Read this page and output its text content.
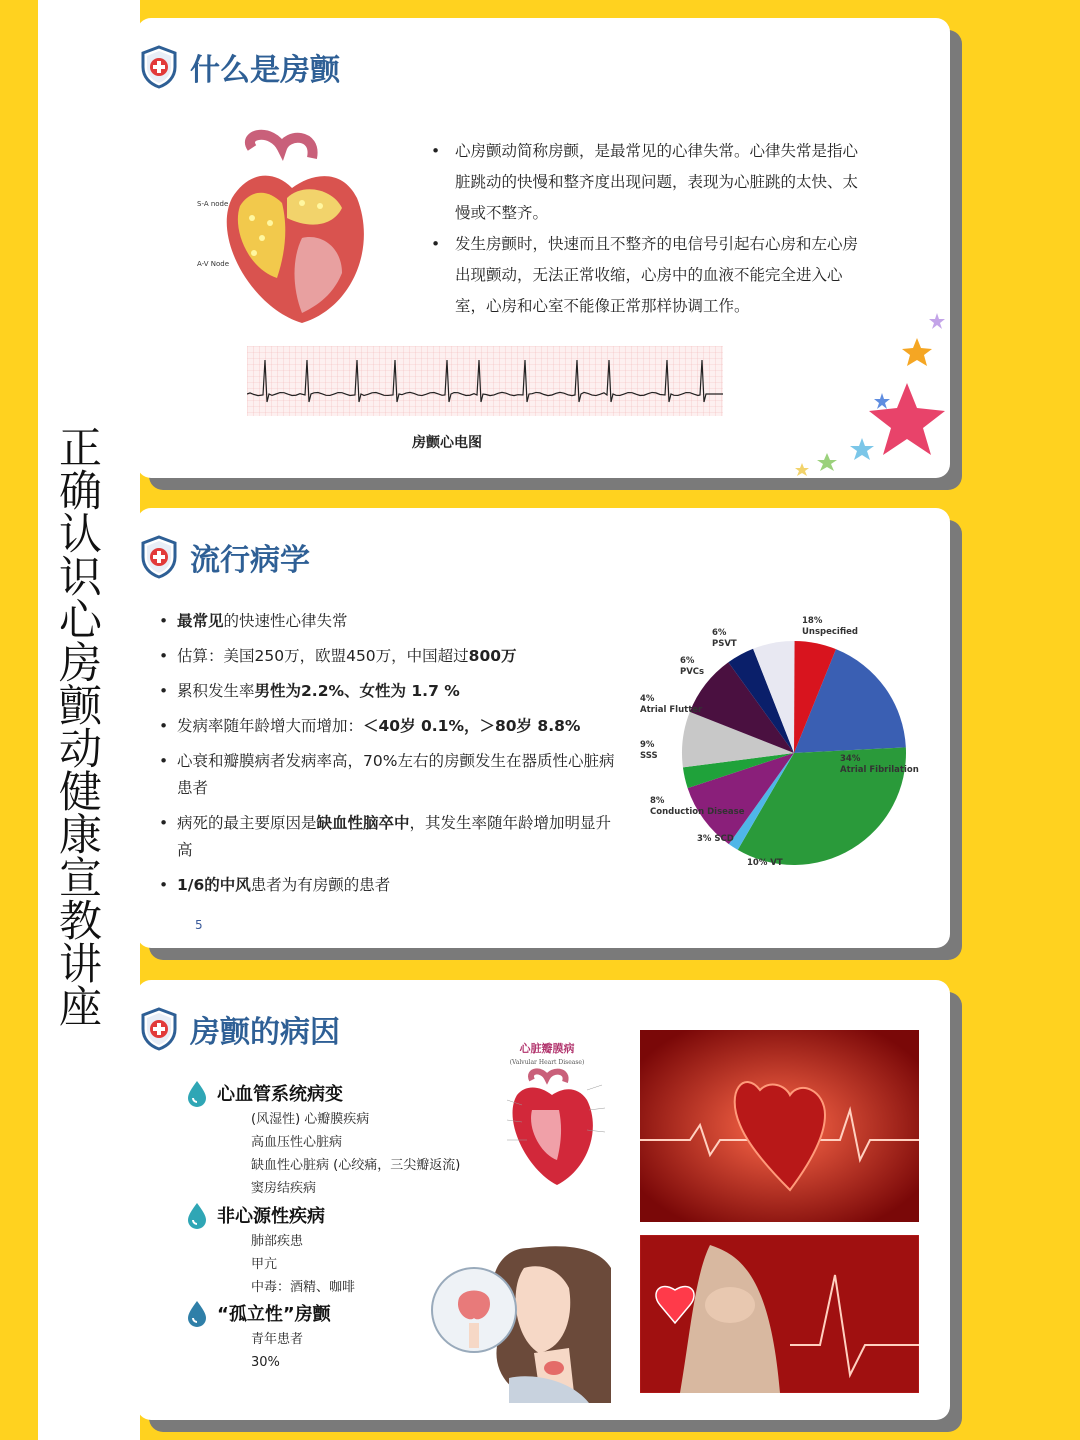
正确认识心房颤动健康宣教讲座
什么是房颤
S-A node
A-V Node
• 心房颤动简称房颤，是最常见的心律失常。心律失常是指心脏跳动的快慢和整齐度出现问题，表现为心脏跳的太快、太慢或不整齐。
• 发生房颤时，快速而且不整齐的电信号引起右心房和左心房出现颤动，无法正常收缩，心房中的血液不能完全进入心室，心房和心室不能像正常那样协调工作。
房颤心电图
流行病学
• 最常见的快速性心律失常
• 估算：美国250万，欧盟450万，中国超过800万
• 累积发生率男性为2.2%、女性为 1.7 %
• 发病率随年龄增大而增加：＜40岁 0.1%，＞80岁 8.8%
• 心衰和瓣膜病者发病率高，70%左右的房颤发生在器质性心脏病患者
• 病死的最主要原因是缺血性脑卒中，其发生率随年龄增加明显升高
• 1/6的中风患者为有房颤的患者
5
18%
Unspecified
34%
Atrial Fibrilation
10% VT
3% SCD
8%
Conduction Disease
9%
SSS
4%
Atrial Flutter
6%
PVCs
6%
PSVT
房颤的病因
心血管系统病变
(风湿性) 心瓣膜疾病
高血压性心脏病
缺血性心脏病 (心绞痛，三尖瓣返流)
窦房结疾病
非心源性疾病
肺部疾患
甲亢
中毒：酒精、咖啡
“孤立性”房颤
青年患者
30%
心脏瓣膜病
(Valvular Heart Disease)
